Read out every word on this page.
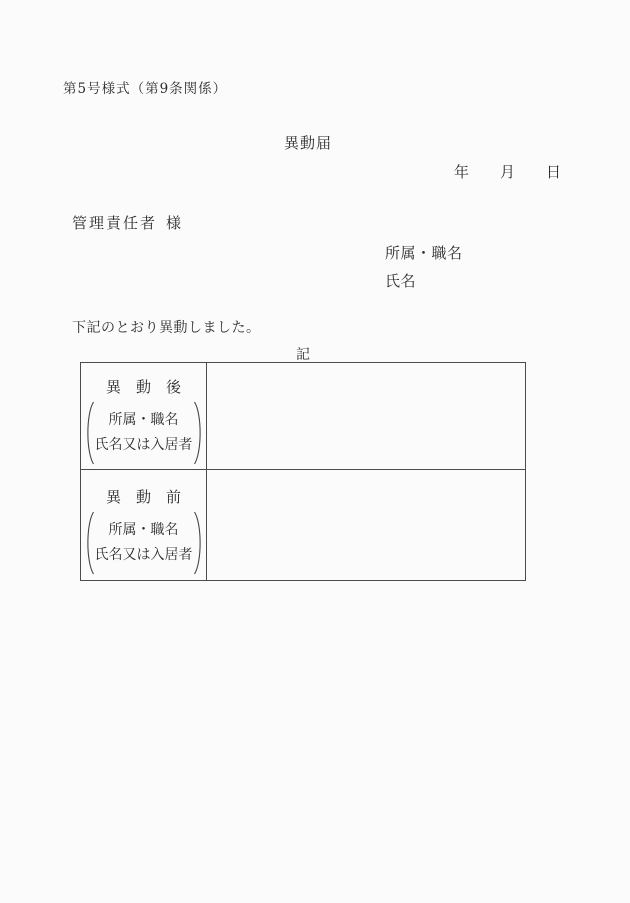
第5号様式（第9条関係）
異動届
年 月 日
管理責任者 様
所属・職名
氏名
下記のとおり異動しました。
記
異　動　後
所属・職名
氏名又は入居者
異　動　前
所属・職名
氏名又は入居者
